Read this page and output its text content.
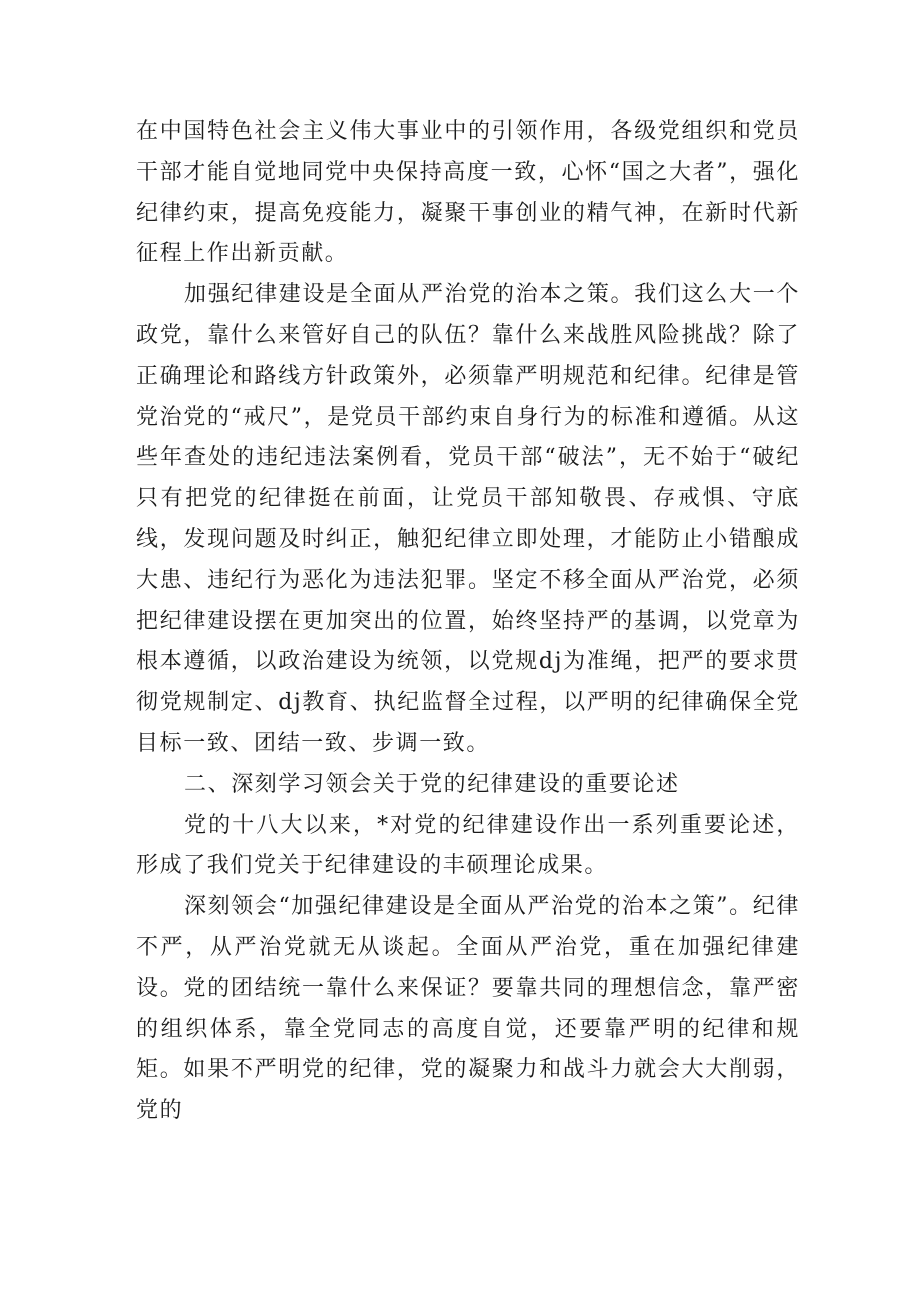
在中国特色社会主义伟大事业中的引领作用，各级党组织和党员干部才能自觉地同党中央保持高度一致，心怀“国之大者”，强化纪律约束，提高免疫能力，凝聚干事创业的精气神，在新时代新征程上作出新贡献。

加强纪律建设是全面从严治党的治本之策。我们这么大一个政党，靠什么来管好自己的队伍？靠什么来战胜风险挑战？除了正确理论和路线方针政策外，必须靠严明规范和纪律。纪律是管党治党的“戒尺”，是党员干部约束自身行为的标准和遵循。从这些年查处的违纪违法案例看，党员干部“破法”，无不始于“破纪只有把党的纪律挺在前面，让党员干部知敬畏、存戒惧、守底线，发现问题及时纠正，触犯纪律立即处理，才能防止小错酿成大患、违纪行为恶化为违法犯罪。坚定不移全面从严治党，必须把纪律建设摆在更加突出的位置，始终坚持严的基调，以党章为根本遵循，以政治建设为统领，以党规dj为准绳，把严的要求贯彻党规制定、dj教育、执纪监督全过程，以严明的纪律确保全党目标一致、团结一致、步调一致。

二、深刻学习领会关于党的纪律建设的重要论述

党的十八大以来，*对党的纪律建设作出一系列重要论述，形成了我们党关于纪律建设的丰硕理论成果。

深刻领会“加强纪律建设是全面从严治党的治本之策”。纪律不严，从严治党就无从谈起。全面从严治党，重在加强纪律建设。党的团结统一靠什么来保证？要靠共同的理想信念，靠严密的组织体系，靠全党同志的高度自觉，还要靠严明的纪律和规矩。如果不严明党的纪律，党的凝聚力和战斗力就会大大削弱，党的
